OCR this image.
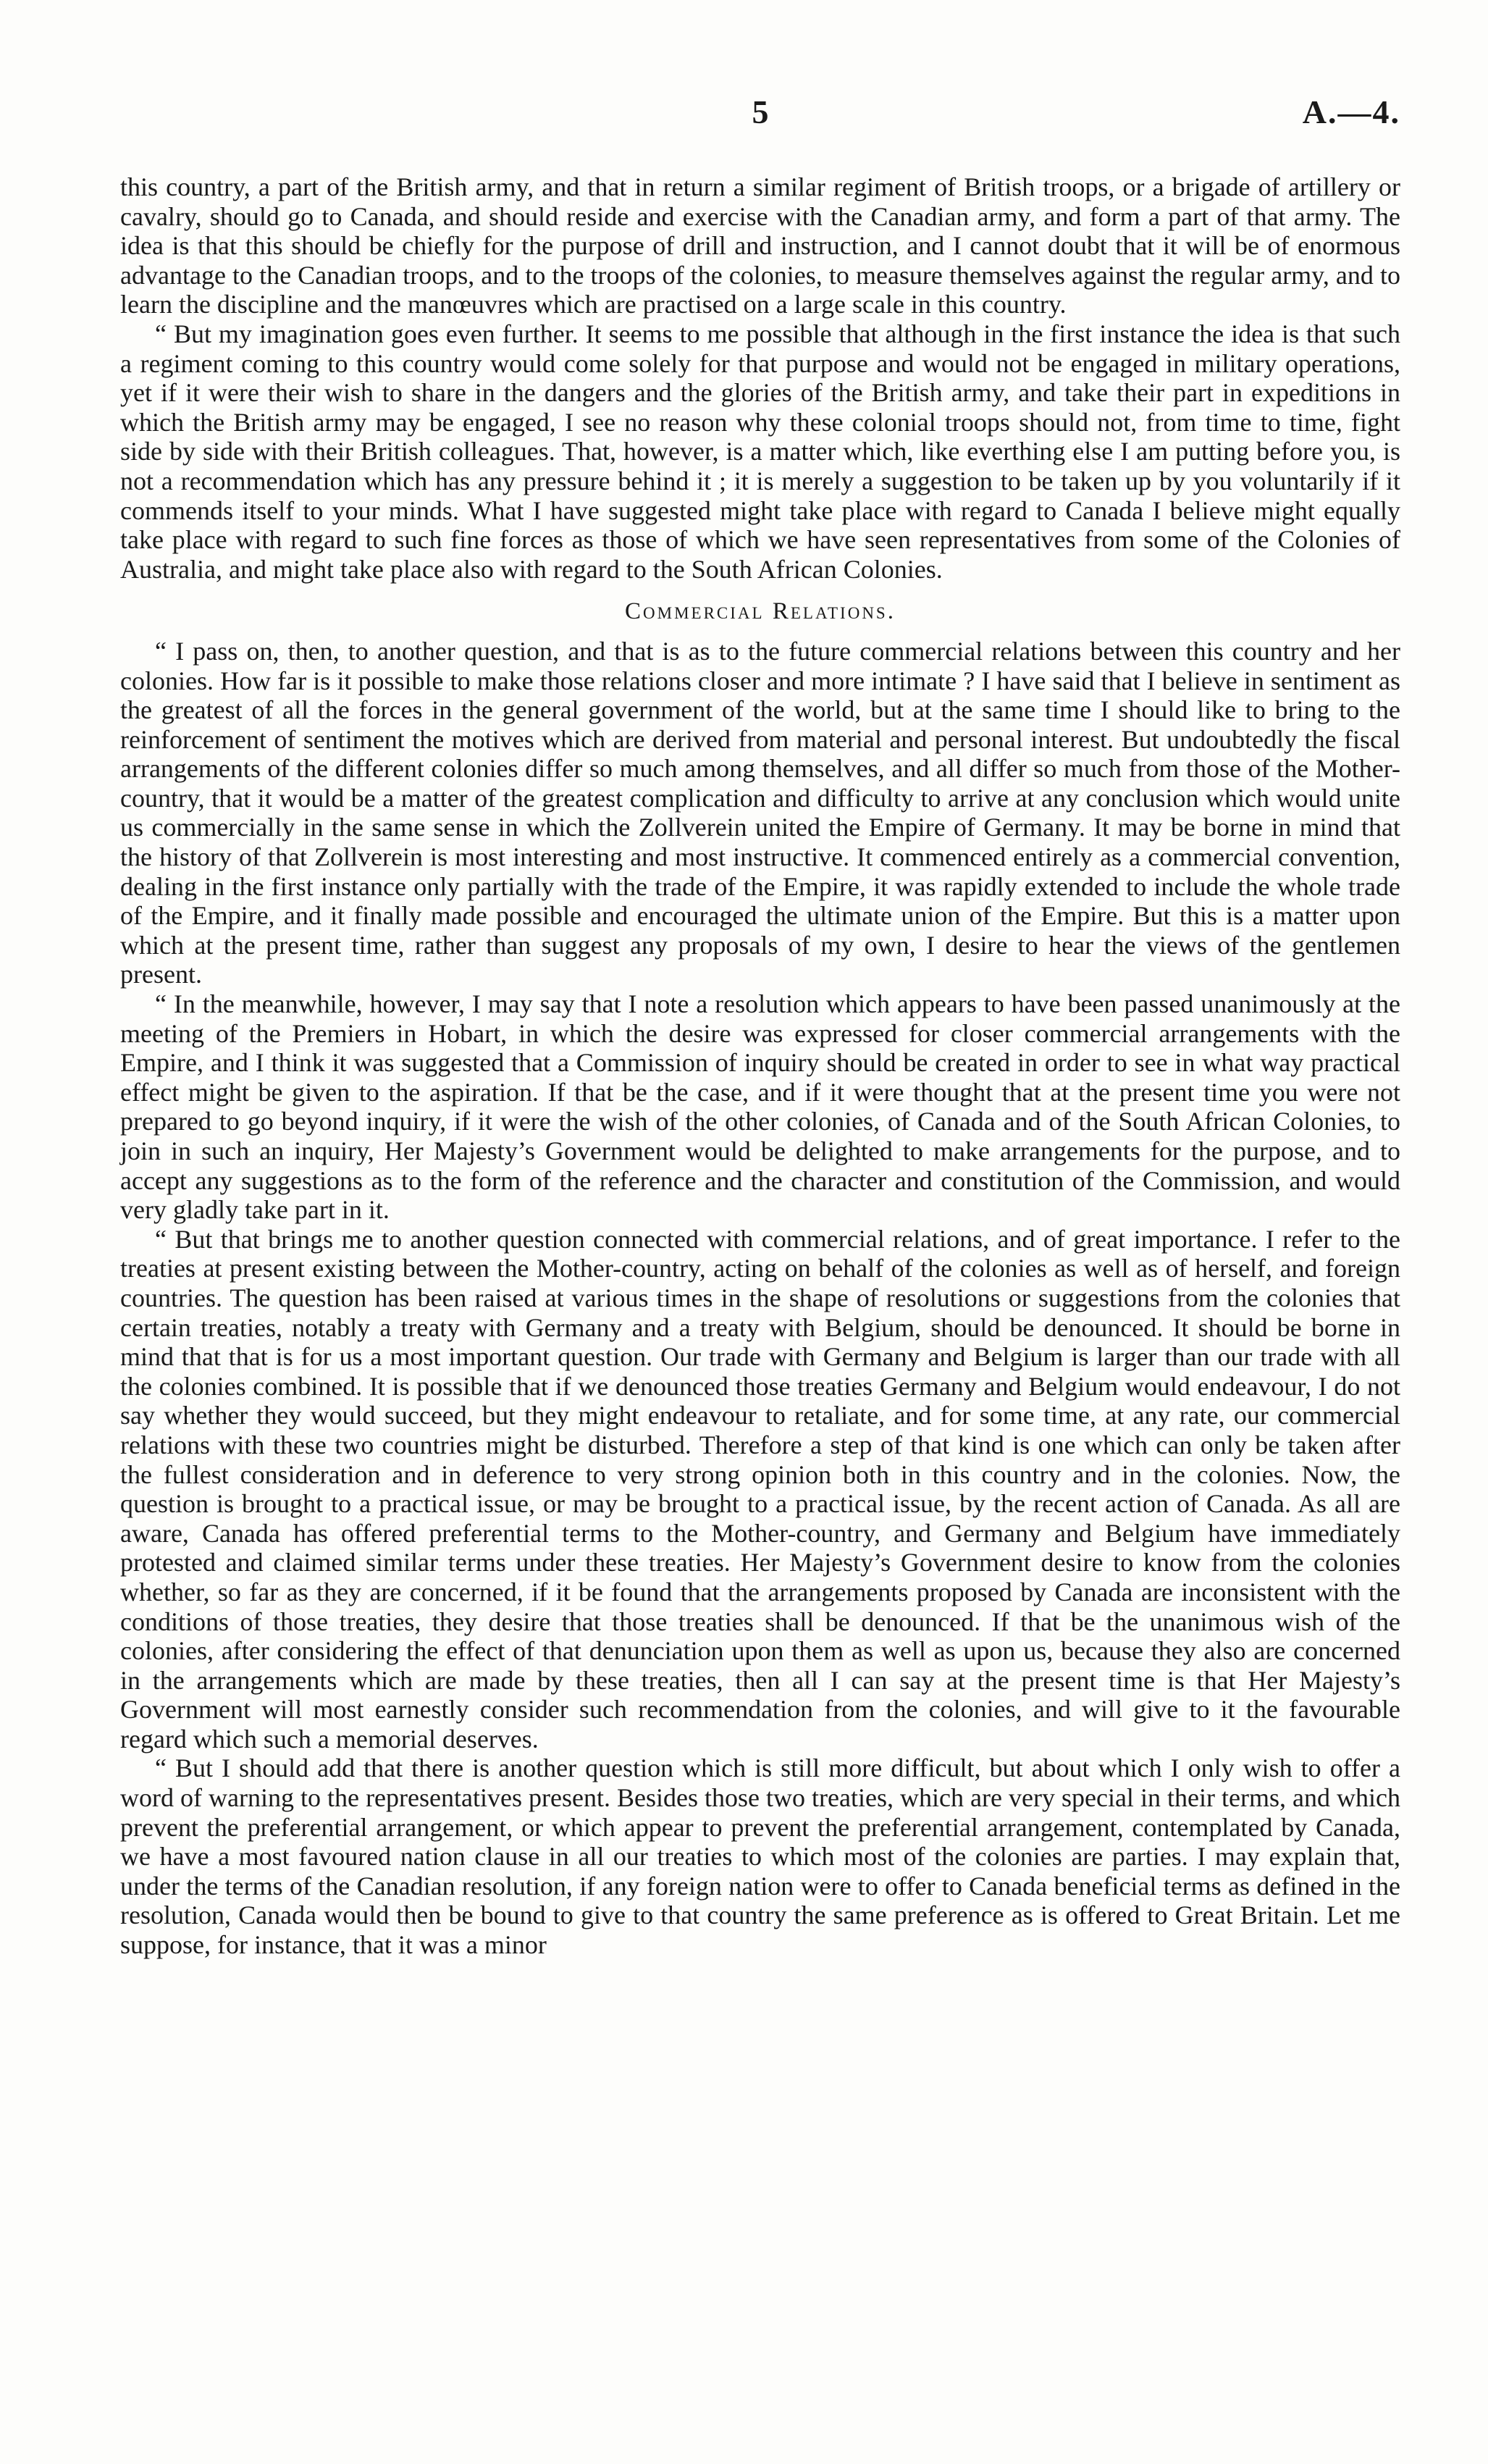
5	A.—4.

this country, a part of the British army, and that in return a similar regiment of British troops, or a brigade of artillery or cavalry, should go to Canada, and should reside and exercise with the Canadian army, and form a part of that army. The idea is that this should be chiefly for the purpose of drill and instruction, and I cannot doubt that it will be of enormous advantage to the Canadian troops, and to the troops of the colonies, to measure themselves against the regular army, and to learn the discipline and the manœuvres which are practised on a large scale in this country.

“ But my imagination goes even further. It seems to me possible that although in the first instance the idea is that such a regiment coming to this country would come solely for that purpose and would not be engaged in military operations, yet if it were their wish to share in the dangers and the glories of the British army, and take their part in expeditions in which the British army may be engaged, I see no reason why these colonial troops should not, from time to time, fight side by side with their British colleagues. That, however, is a matter which, like everthing else I am putting before you, is not a recommendation which has any pressure behind it ; it is merely a suggestion to be taken up by you voluntarily if it commends itself to your minds. What I have suggested might take place with regard to Canada I believe might equally take place with regard to such fine forces as those of which we have seen representatives from some of the Colonies of Australia, and might take place also with regard to the South African Colonies.

Commercial Relations.

“ I pass on, then, to another question, and that is as to the future commercial relations between this country and her colonies. How far is it possible to make those relations closer and more intimate ? I have said that I believe in sentiment as the greatest of all the forces in the general government of the world, but at the same time I should like to bring to the reinforcement of sentiment the motives which are derived from material and personal interest. But undoubtedly the fiscal arrangements of the different colonies differ so much among themselves, and all differ so much from those of the Mother-country, that it would be a matter of the greatest complication and difficulty to arrive at any conclusion which would unite us commercially in the same sense in which the Zollverein united the Empire of Germany. It may be borne in mind that the history of that Zollverein is most interesting and most instructive. It commenced entirely as a commercial convention, dealing in the first instance only partially with the trade of the Empire, it was rapidly extended to include the whole trade of the Empire, and it finally made possible and encouraged the ultimate union of the Empire. But this is a matter upon which at the present time, rather than suggest any proposals of my own, I desire to hear the views of the gentlemen present.

“ In the meanwhile, however, I may say that I note a resolution which appears to have been passed unanimously at the meeting of the Premiers in Hobart, in which the desire was expressed for closer commercial arrangements with the Empire, and I think it was suggested that a Commission of inquiry should be created in order to see in what way practical effect might be given to the aspiration. If that be the case, and if it were thought that at the present time you were not prepared to go beyond inquiry, if it were the wish of the other colonies, of Canada and of the South African Colonies, to join in such an inquiry, Her Majesty’s Government would be delighted to make arrangements for the purpose, and to accept any suggestions as to the form of the reference and the character and constitution of the Commission, and would very gladly take part in it.

“ But that brings me to another question connected with commercial relations, and of great importance. I refer to the treaties at present existing between the Mother-country, acting on behalf of the colonies as well as of herself, and foreign countries. The question has been raised at various times in the shape of resolutions or suggestions from the colonies that certain treaties, notably a treaty with Germany and a treaty with Belgium, should be denounced. It should be borne in mind that that is for us a most important question. Our trade with Germany and Belgium is larger than our trade with all the colonies combined. It is possible that if we denounced those treaties Germany and Belgium would endeavour, I do not say whether they would succeed, but they might endeavour to retaliate, and for some time, at any rate, our commercial relations with these two countries might be disturbed. Therefore a step of that kind is one which can only be taken after the fullest consideration and in deference to very strong opinion both in this country and in the colonies. Now, the question is brought to a practical issue, or may be brought to a practical issue, by the recent action of Canada. As all are aware, Canada has offered preferential terms to the Mother-country, and Germany and Belgium have immediately protested and claimed similar terms under these treaties. Her Majesty’s Government desire to know from the colonies whether, so far as they are concerned, if it be found that the arrangements proposed by Canada are inconsistent with the conditions of those treaties, they desire that those treaties shall be denounced. If that be the unanimous wish of the colonies, after considering the effect of that denunciation upon them as well as upon us, because they also are concerned in the arrangements which are made by these treaties, then all I can say at the present time is that Her Majesty’s Government will most earnestly consider such recommendation from the colonies, and will give to it the favourable regard which such a memorial deserves.

“ But I should add that there is another question which is still more difficult, but about which I only wish to offer a word of warning to the representatives present. Besides those two treaties, which are very special in their terms, and which prevent the preferential arrangement, or which appear to prevent the preferential arrangement, contemplated by Canada, we have a most favoured nation clause in all our treaties to which most of the colonies are parties. I may explain that, under the terms of the Canadian resolution, if any foreign nation were to offer to Canada beneficial terms as defined in the resolution, Canada would then be bound to give to that country the same preference as is offered to Great Britain. Let me suppose, for instance, that it was a minor
